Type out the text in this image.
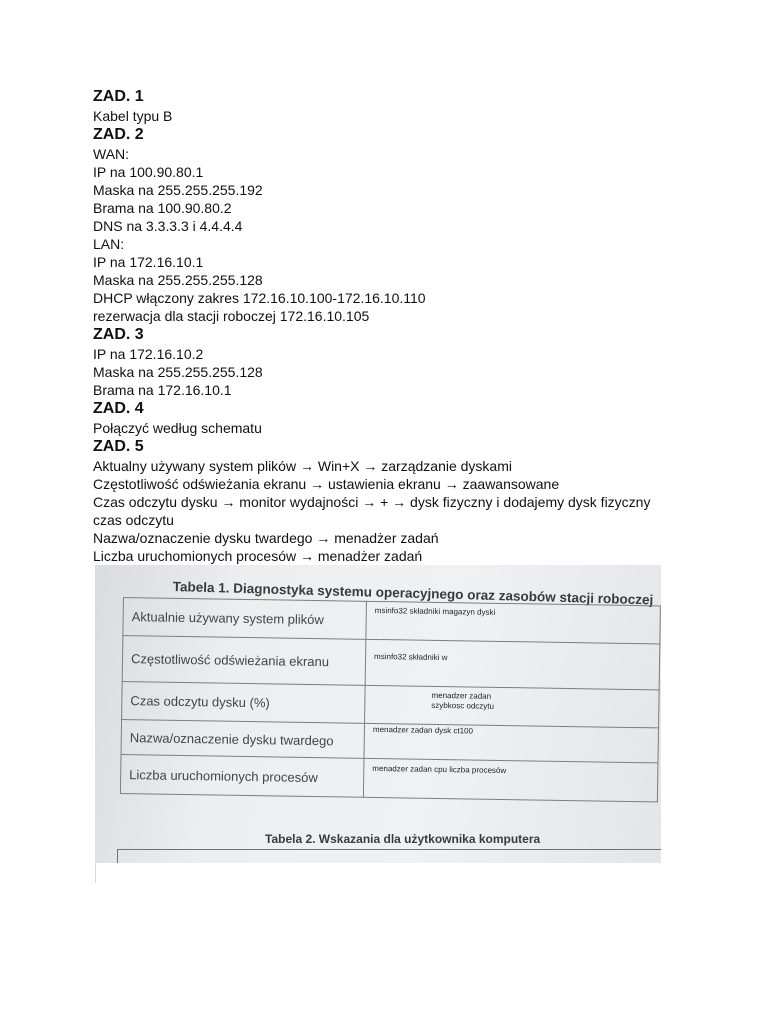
ZAD. 1

Kabel typu B

ZAD. 2

WAN:

IP na 100.90.80.1

Maska na 255.255.255.192

Brama na 100.90.80.2

DNS na 3.3.3.3 i 4.4.4.4

LAN:

IP na 172.16.10.1

Maska na 255.255.255.128

DHCP włączony zakres 172.16.10.100-172.16.10.110

rezerwacja dla stacji roboczej 172.16.10.105

ZAD. 3

IP na 172.16.10.2

Maska na 255.255.255.128

Brama na 172.16.10.1

ZAD. 4

Połączyć według schematu

ZAD. 5

Aktualny używany system plików → Win+X → zarządzanie dyskami

Częstotliwość odświeżania ekranu → ustawienia ekranu → zaawansowane

Czas odczytu dysku → monitor wydajności → + → dysk fizyczny i dodajemy dysk fizyczny czas odczytu

Nazwa/oznaczenie dysku twardego → menadżer zadań

Liczba uruchomionych procesów → menadżer zadań

Tabela 1. Diagnostyka systemu operacyjnego oraz zasobów stacji roboczej
Aktualnie używany system plików	msinfo32 składniki magazyn dyski
Częstotliwość odświeżania ekranu	msinfo32 składniki w
Czas odczytu dysku (%)	menadzer zadan
szybkosc odczytu

Nazwa/oznaczenie dysku twardego	menadzer zadan dysk ct100
Liczba uruchomionych procesów	menadzer zadan cpu liczba procesów
Tabela 2. Wskazania dla użytkownika komputera
